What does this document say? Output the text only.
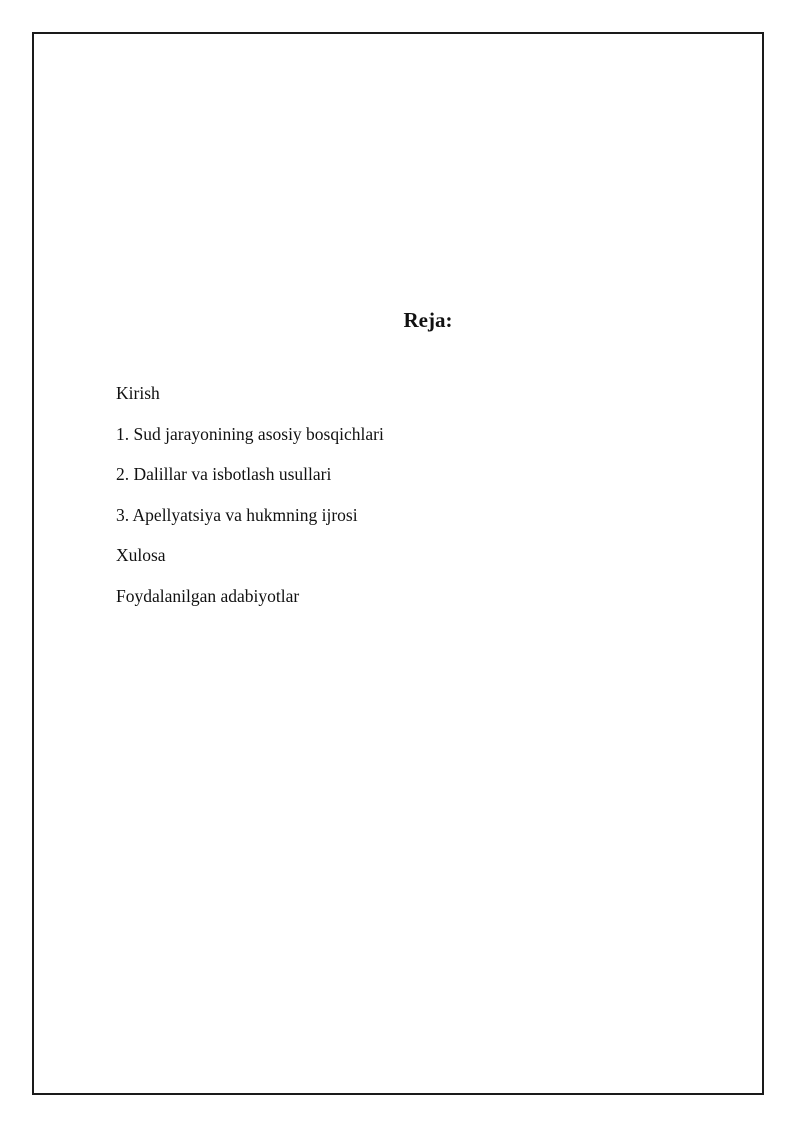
Reja:
Kirish
1. Sud jarayonining asosiy bosqichlari
2. Dalillar va isbotlash usullari
3. Apellyatsiya va hukmning ijrosi
Xulosa
Foydalanilgan adabiyotlar
